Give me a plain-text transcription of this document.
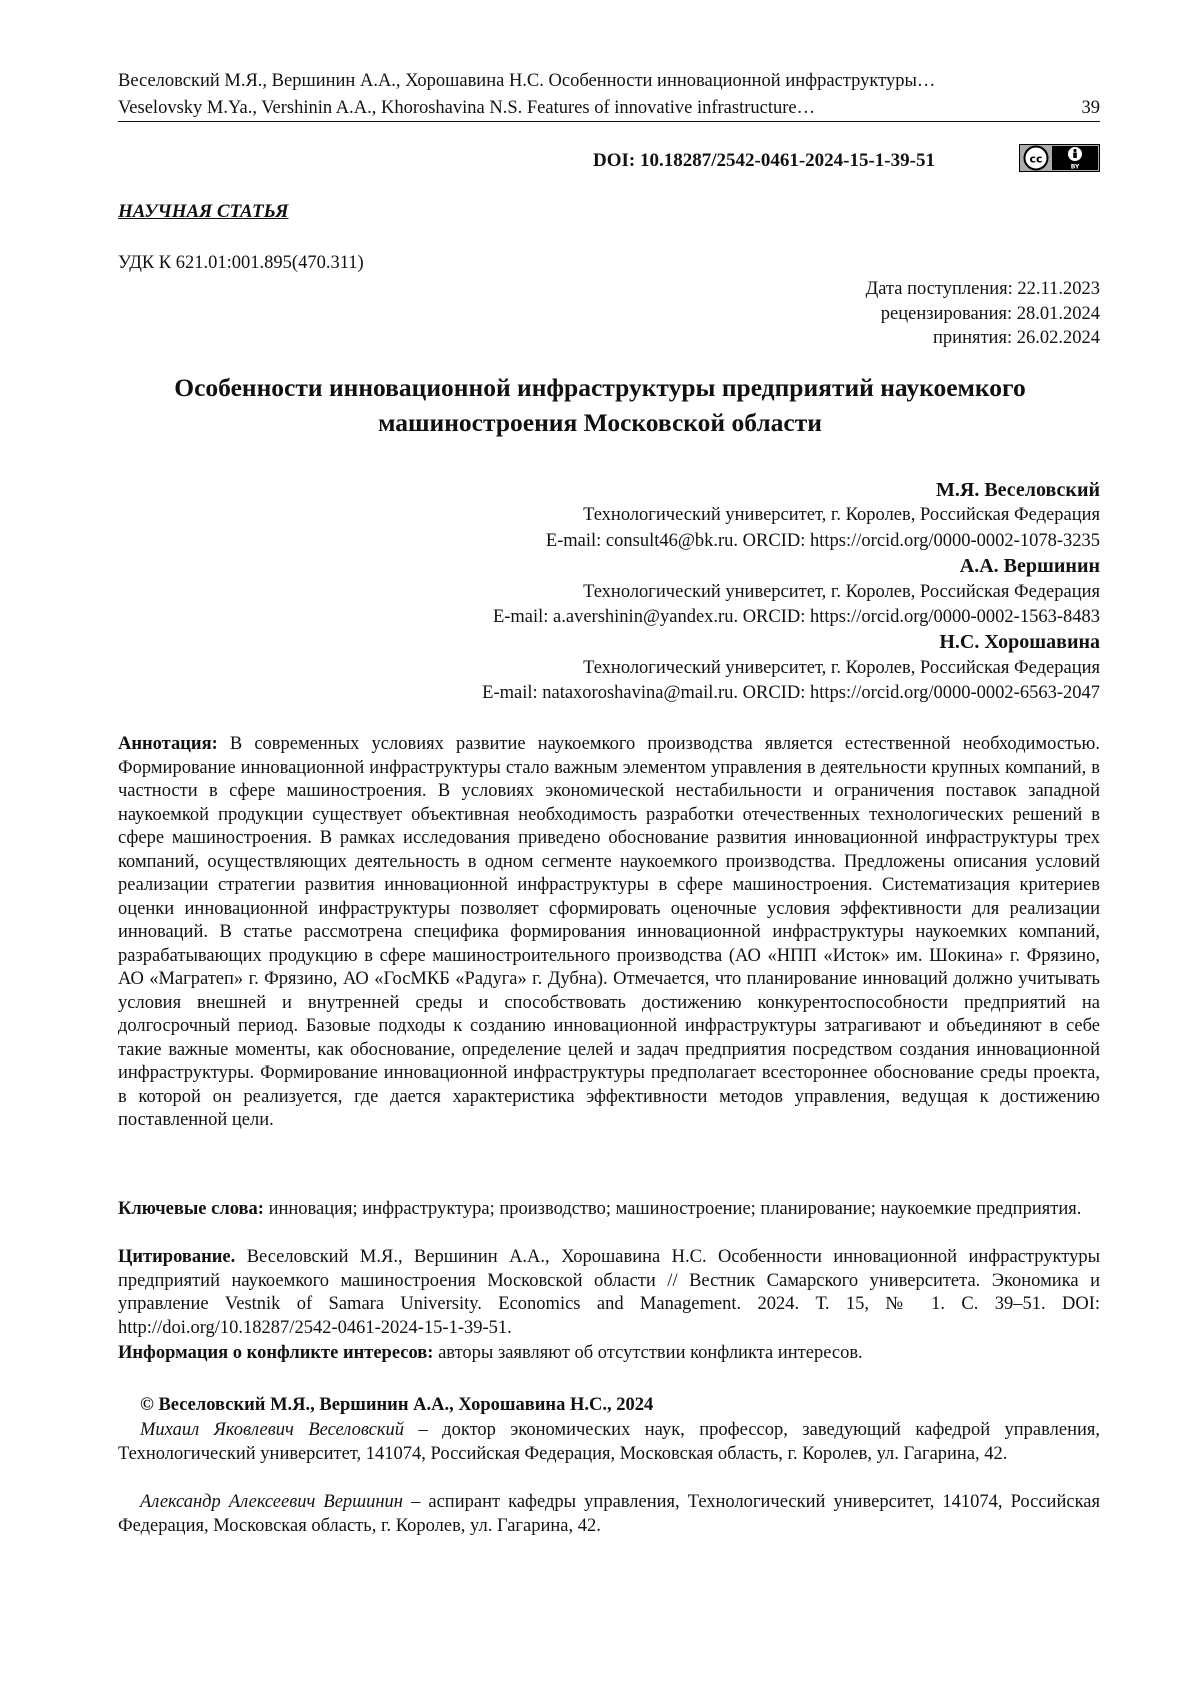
Веселовский М.Я., Вершинин А.А., Хорошавина Н.С. Особенности инновационной инфраструктуры…
Veselovsky M.Ya., Vershinin A.A., Khoroshavina N.S. Features of innovative infrastructure…	39
DOI: 10.18287/2542-0461-2024-15-1-39-51	cc
BY
НАУЧНАЯ СТАТЬЯ
УДК К 621.01:001.895(470.311)
Дата поступления: 22.11.2023
рецензирования: 28.01.2024
принятия: 26.02.2024
Особенности инновационной инфраструктуры предприятий наукоемкого
машиностроения Московской области
М.Я. Веселовский
Технологический университет, г. Королев, Российская Федерация
E-mail: consult46@bk.ru. ORCID: https://orcid.org/0000-0002-1078-3235
А.А. Вершинин
Технологический университет, г. Королев, Российская Федерация
E-mail: a.avershinin@yandex.ru. ORCID: https://orcid.org/0000-0002-1563-8483
Н.С. Хорошавина
Технологический университет, г. Королев, Российская Федерация
E-mail: nataxoroshavina@mail.ru. ORCID: https://orcid.org/0000-0002-6563-2047
Аннотация: В современных условиях развитие наукоемкого производства является естественной необходимостью. Формирование инновационной инфраструктуры стало важным элементом управления в деятельности крупных компаний, в частности в сфере машиностроения. В условиях экономической нестабильности и ограничения поставок западной наукоемкой продукции существует объективная необходимость разработки отечественных технологических решений в сфере машиностроения. В рамках исследования приведено обоснование развития инновационной инфраструктуры трех компаний, осуществляющих деятельность в одном сегменте наукоемкого производства. Предложены описания условий реализации стратегии развития инновационной инфраструктуры в сфере машиностроения. Систематизация критериев оценки инновационной инфраструктуры позволяет сформировать оценочные условия эффективности для реализации инноваций. В статье рассмотрена специфика формирования инновационной инфраструктуры наукоемких компаний, разрабатывающих продукцию в сфере машиностроительного производства (АО «НПП «Исток» им. Шокина» г. Фрязино, АО «Магратеп» г. Фрязино, АО «ГосМКБ «Радуга» г. Дубна). Отмечается, что планирование инноваций должно учитывать условия внешней и внутренней среды и способствовать достижению конкурентоспособности предприятий на долгосрочный период. Базовые подходы к созданию инновационной инфраструктуры затрагивают и объединяют в себе такие важные моменты, как обоснование, определение целей и задач предприятия посредством создания инновационной инфраструктуры. Формирование инновационной инфраструктуры предполагает всестороннее обоснование среды проекта, в которой он реализуется, где дается характеристика эффективности методов управления, ведущая к достижению поставленной цели.
Ключевые слова: инновация; инфраструктура; производство; машиностроение; планирование; наукоемкие предприятия.
Цитирование. Веселовский М.Я., Вершинин А.А., Хорошавина Н.С. Особенности инновационной инфраструктуры предприятий наукоемкого машиностроения Московской области // Вестник Самарского университета. Экономика и управление Vestnik of Samara University. Economics and Management. 2024. Т. 15, № 1. С. 39–51. DOI: http://doi.org/10.18287/2542-0461-2024-15-1-39-51.
Информация о конфликте интересов: авторы заявляют об отсутствии конфликта интересов.
© Веселовский М.Я., Вершинин А.А., Хорошавина Н.С., 2024
Михаил Яковлевич Веселовский – доктор экономических наук, профессор, заведующий кафедрой управления, Технологический университет, 141074, Российская Федерация, Московская область, г. Королев, ул. Гагарина, 42.
Александр Алексеевич Вершинин – аспирант кафедры управления, Технологический университет, 141074, Российская Федерация, Московская область, г. Королев, ул. Гагарина, 42.
